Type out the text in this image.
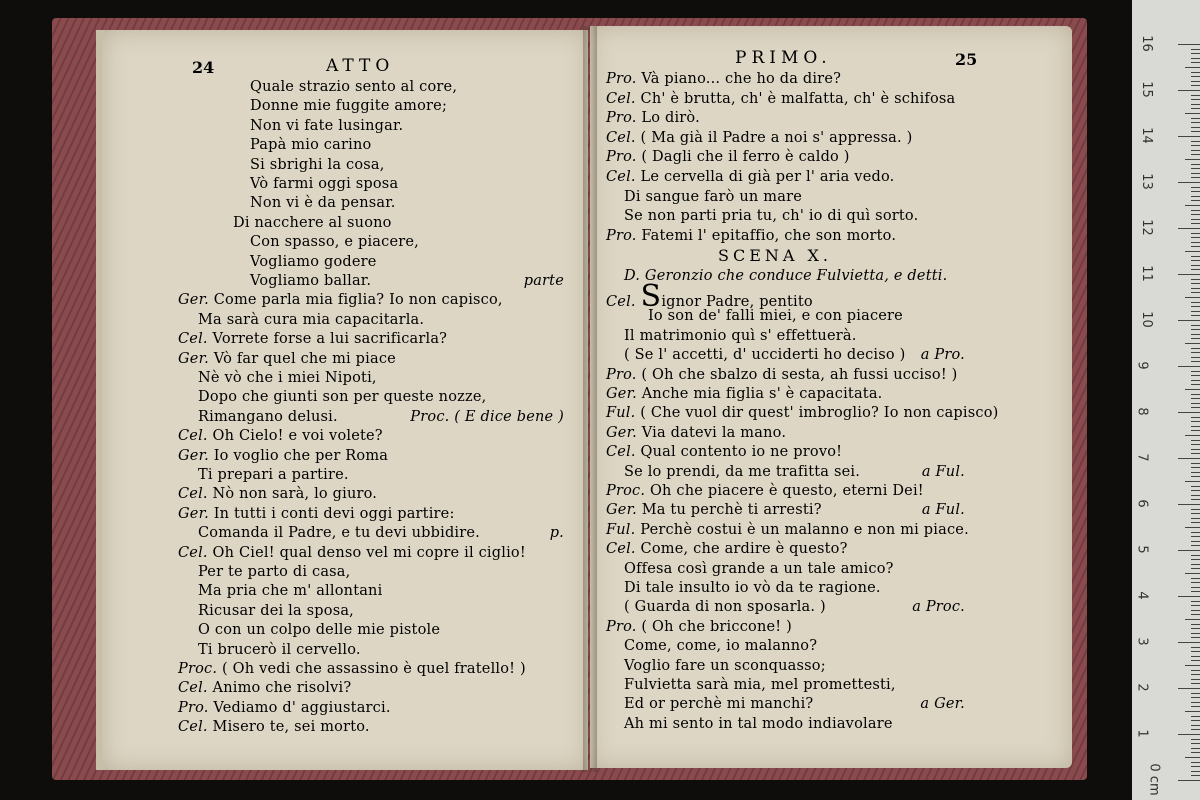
24	ATTO
Quale strazio sento al core,
Donne mie fuggite amore;
Non vi fate lusingar.
Papà mio carino
Si sbrighi la cosa,
Vò farmi oggi sposa
Non vi è da pensar.
Di nacchere al suono
Con spasso, e piacere,
Vogliamo godere
Vogliamo ballar.	parte
Ger. Come parla mia figlia? Io non capisco,
Ma sarà cura mia capacitarla.
Cel. Vorrete forse a lui sacrificarla?
Ger. Vò far quel che mi piace
Nè vò che i miei Nipoti,
Dopo che giunti son per queste nozze,
Rimangano delusi.	Proc. ( E dice bene )
Cel. Oh Cielo! e voi volete?
Ger. Io voglio che per Roma
Ti prepari a partire.
Cel. Nò non sarà, lo giuro.
Ger. In tutti i conti devi oggi partire:
Comanda il Padre, e tu devi ubbidire.	p.
Cel. Oh Ciel! qual denso vel mi copre il ciglio!
Per te parto di casa,
Ma pria che m' allontani
Ricusar dei la sposa,
O con un colpo delle mie pistole
Ti brucerò il cervello.
Proc. ( Oh vedi che assassino è quel fratello! )
Cel. Animo che risolvi?
Pro. Vediamo d' aggiustarci.
Cel. Misero te, sei morto.
PRIMO.	25
SCENA X.
D. Geronzio che conduce Fulvietta, e detti.
Pro. Và piano... che ho da dire?
Cel. Ch' è brutta, ch' è malfatta, ch' è schifosa
Pro. Lo dirò.
Cel. ( Ma già il Padre a noi s' appressa. )
Pro. ( Dagli che il ferro è caldo )
Cel. Le cervella di già per l' aria vedo.
Di sangue farò un mare
Se non parti pria tu, ch' io di quì sorto.
Pro. Fatemi l' epitaffio, che son morto.
Cel. Signor Padre, pentito
Io son de' falli miei, e con piacere
Il matrimonio quì s' effettuerà.
( Se l' accetti, d' ucciderti ho deciso ) a Pro.
Pro. ( Oh che sbalzo di sesta, ah fussi ucciso! )
Ger. Anche mia figlia s' è capacitata.
Ful. ( Che vuol dir quest' imbroglio? Io non capisco)
Ger. Via datevi la mano.
Cel. Qual contento io ne provo!
Se lo prendi, da me trafitta sei.	a Ful.
Proc. Oh che piacere è questo, eterni Dei!
Ger. Ma tu perchè ti arresti?	a Ful.
Ful. Perchè costui è un malanno e non mi piace.
Cel. Come, che ardire è questo?
Offesa così grande a un tale amico?
Di tale insulto io vò da te ragione.
( Guarda di non sposarla. )	a Proc.
Pro. ( Oh che briccone! )
Come, come, io malanno?
Voglio fare un sconquasso;
Fulvietta sarà mia, mel promettesti,
Ed or perchè mi manchi?	a Ger.
Ah mi sento in tal modo indiavolare
0 cm
1
2
3
4
5
6
7
8
9
10
11
12
13
14
15
16
